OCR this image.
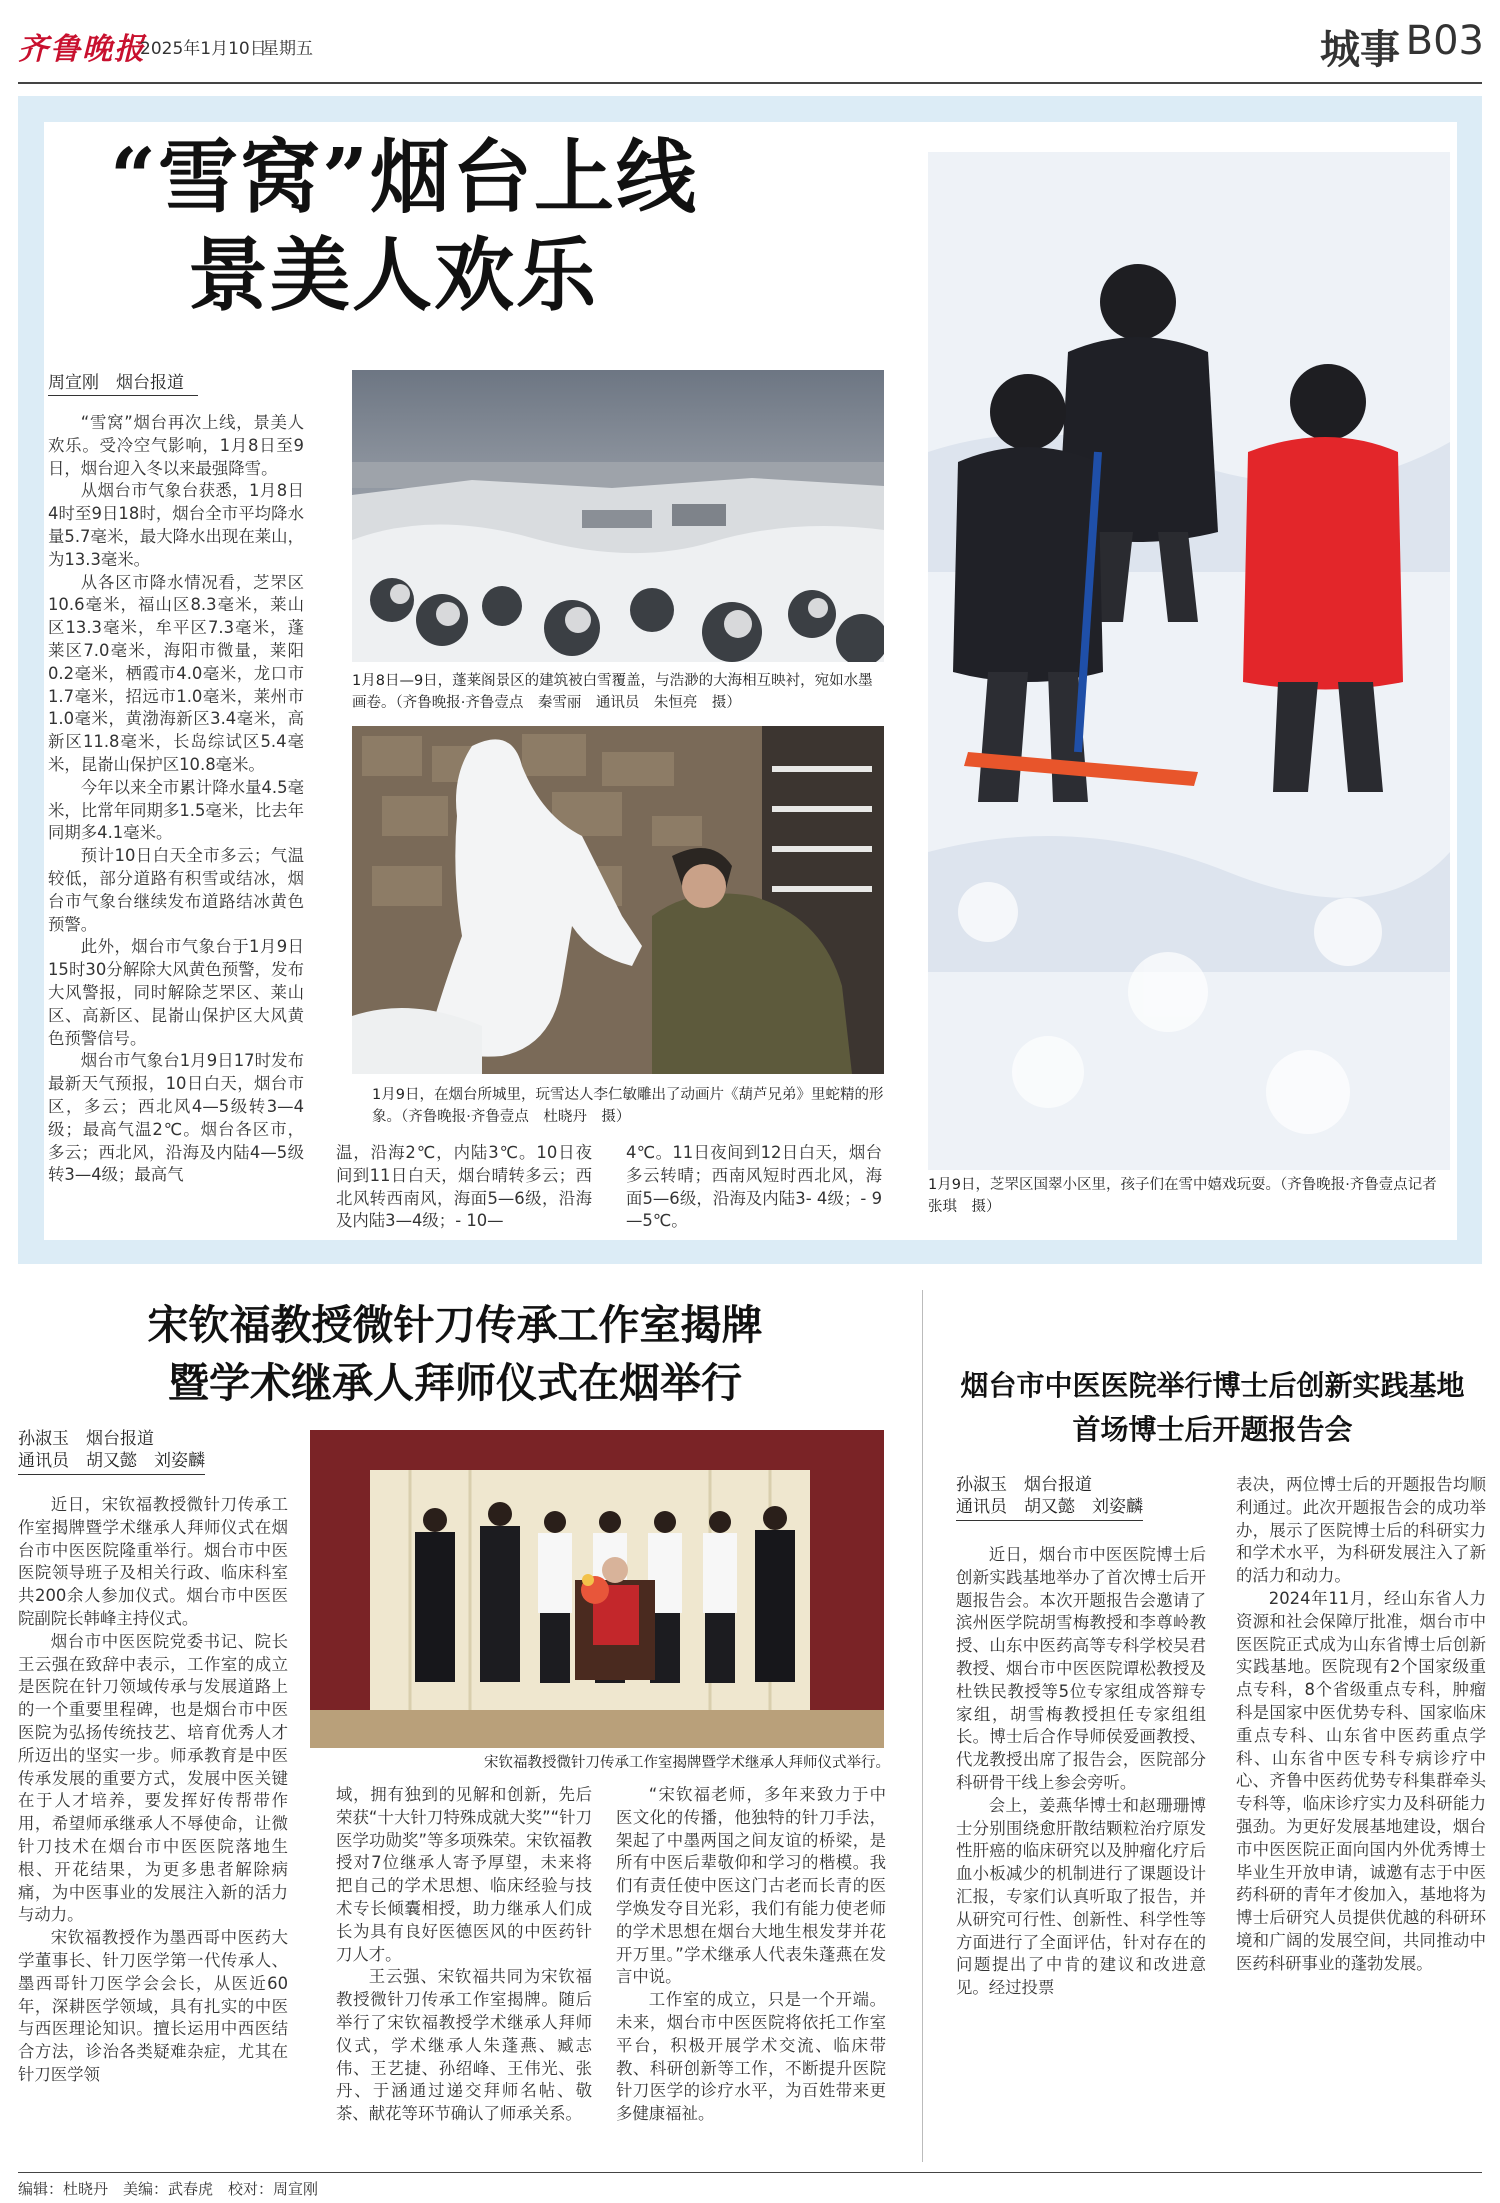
齐鲁晚报
2025年1月10日
星期五	城事 B03
“雪窝”烟台上线
景美人欢乐
周宣刚　烟台报道

“雪窝”烟台再次上线，景美人欢乐。受冷空气影响，1月8日至9日，烟台迎入冬以来最强降雪。

从烟台市气象台获悉，1月8日4时至9日18时，烟台全市平均降水量5.7毫米，最大降水出现在莱山，为13.3毫米。

从各区市降水情况看，芝罘区10.6毫米，福山区8.3毫米，莱山区13.3毫米，牟平区7.3毫米，蓬莱区7.0毫米，海阳市微量，莱阳0.2毫米，栖霞市4.0毫米，龙口市1.7毫米，招远市1.0毫米，莱州市1.0毫米，黄渤海新区3.4毫米，高新区11.8毫米，长岛综试区5.4毫米，昆嵛山保护区10.8毫米。

今年以来全市累计降水量4.5毫米，比常年同期多1.5毫米，比去年同期多4.1毫米。

预计10日白天全市多云；气温较低，部分道路有积雪或结冰，烟台市气象台继续发布道路结冰黄色预警。

此外，烟台市气象台于1月9日15时30分解除大风黄色预警，发布大风警报，同时解除芝罘区、莱山区、高新区、昆嵛山保护区大风黄色预警信号。

烟台市气象台1月9日17时发布最新天气预报，10日白天，烟台市区，多云；西北风4—5级转3—4级；最高气温2℃。烟台各区市，多云；西北风，沿海及内陆4—5级转3—4级；最高气

1月8日—9日，蓬莱阁景区的建筑被白雪覆盖，与浩渺的大海相互映衬，宛如水墨画卷。（齐鲁晚报·齐鲁壹点　秦雪丽　通讯员　朱恒亮　摄）
1月9日，在烟台所城里，玩雪达人李仁敏雕出了动画片《葫芦兄弟》里蛇精的形象。（齐鲁晚报·齐鲁壹点　杜晓丹　摄）

温，沿海2℃，内陆3℃。10日夜间到11日白天，烟台晴转多云；西北风转西南风，海面5—6级，沿海及内陆3—4级；- 10—

4℃。11日夜间到12日白天，烟台多云转晴；西南风短时西北风，海面5—6级，沿海及内陆3- 4级；- 9—5℃。

1月9日，芝罘区国翠小区里，孩子们在雪中嬉戏玩耍。（齐鲁晚报·齐鲁壹点记者　张琪　摄）
宋钦福教授微针刀传承工作室揭牌
暨学术继承人拜师仪式在烟举行
孙淑玉　烟台报道
通讯员　胡又懿　刘姿麟

近日，宋钦福教授微针刀传承工作室揭牌暨学术继承人拜师仪式在烟台市中医医院隆重举行。烟台市中医医院领导班子及相关行政、临床科室共200余人参加仪式。烟台市中医医院副院长韩峰主持仪式。

烟台市中医医院党委书记、院长王云强在致辞中表示，工作室的成立是医院在针刀领域传承与发展道路上的一个重要里程碑，也是烟台市中医医院为弘扬传统技艺、培育优秀人才所迈出的坚实一步。师承教育是中医传承发展的重要方式，发展中医关键在于人才培养，要发挥好传帮带作用，希望师承继承人不辱使命，让微针刀技术在烟台市中医医院落地生根、开花结果，为更多患者解除病痛，为中医事业的发展注入新的活力与动力。

宋钦福教授作为墨西哥中医药大学董事长、针刀医学第一代传承人、墨西哥针刀医学会会长，从医近60年，深耕医学领域，具有扎实的中医与西医理论知识。擅长运用中西医结合方法，诊治各类疑难杂症，尤其在针刀医学领

宋钦福教授微针刀传承工作室揭牌暨学术继承人拜师仪式举行。

域，拥有独到的见解和创新，先后荣获“十大针刀特殊成就大奖”“针刀医学功勋奖”等多项殊荣。宋钦福教授对7位继承人寄予厚望，未来将把自己的学术思想、临床经验与技术专长倾囊相授，助力继承人们成长为具有良好医德医风的中医药针刀人才。

王云强、宋钦福共同为宋钦福教授微针刀传承工作室揭牌。随后举行了宋钦福教授学术继承人拜师仪式，学术继承人朱蓬燕、臧志伟、王艺捷、孙绍峰、王伟光、张丹、于涵通过递交拜师名帖、敬茶、献花等环节确认了师承关系。

“宋钦福老师，多年来致力于中医文化的传播，他独特的针刀手法，架起了中墨两国之间友谊的桥梁，是所有中医后辈敬仰和学习的楷模。我们有责任使中医这门古老而长青的医学焕发夺目光彩，我们有能力使老师的学术思想在烟台大地生根发芽并花开万里。”学术继承人代表朱蓬燕在发言中说。

工作室的成立，只是一个开端。未来，烟台市中医医院将依托工作室平台，积极开展学术交流、临床带教、科研创新等工作，不断提升医院针刀医学的诊疗水平，为百姓带来更多健康福祉。

烟台市中医医院举行博士后创新实践基地
首场博士后开题报告会
孙淑玉　烟台报道
通讯员　胡又懿　刘姿麟

近日，烟台市中医医院博士后创新实践基地举办了首次博士后开题报告会。本次开题报告会邀请了滨州医学院胡雪梅教授和李尊岭教授、山东中医药高等专科学校吴君教授、烟台市中医医院谭松教授及杜铁民教授等5位专家组成答辩专家组，胡雪梅教授担任专家组组长。博士后合作导师侯爱画教授、代龙教授出席了报告会，医院部分科研骨干线上参会旁听。

会上，姜燕华博士和赵珊珊博士分别围绕愈肝散结颗粒治疗原发性肝癌的临床研究以及肿瘤化疗后血小板减少的机制进行了课题设计汇报，专家们认真听取了报告，并从研究可行性、创新性、科学性等方面进行了全面评估，针对存在的问题提出了中肯的建议和改进意见。经过投票

表决，两位博士后的开题报告均顺利通过。此次开题报告会的成功举办，展示了医院博士后的科研实力和学术水平，为科研发展注入了新的活力和动力。

2024年11月，经山东省人力资源和社会保障厅批准，烟台市中医医院正式成为山东省博士后创新实践基地。医院现有2个国家级重点专科，8个省级重点专科，肿瘤科是国家中医优势专科、国家临床重点专科、山东省中医药重点学科、山东省中医专科专病诊疗中心、齐鲁中医药优势专科集群牵头专科等，临床诊疗实力及科研能力强劲。为更好发展基地建设，烟台市中医医院正面向国内外优秀博士毕业生开放申请，诚邀有志于中医药科研的青年才俊加入，基地将为博士后研究人员提供优越的科研环境和广阔的发展空间，共同推动中医药科研事业的蓬勃发展。

编辑：杜晓丹　美编：武春虎　校对：周宣刚
